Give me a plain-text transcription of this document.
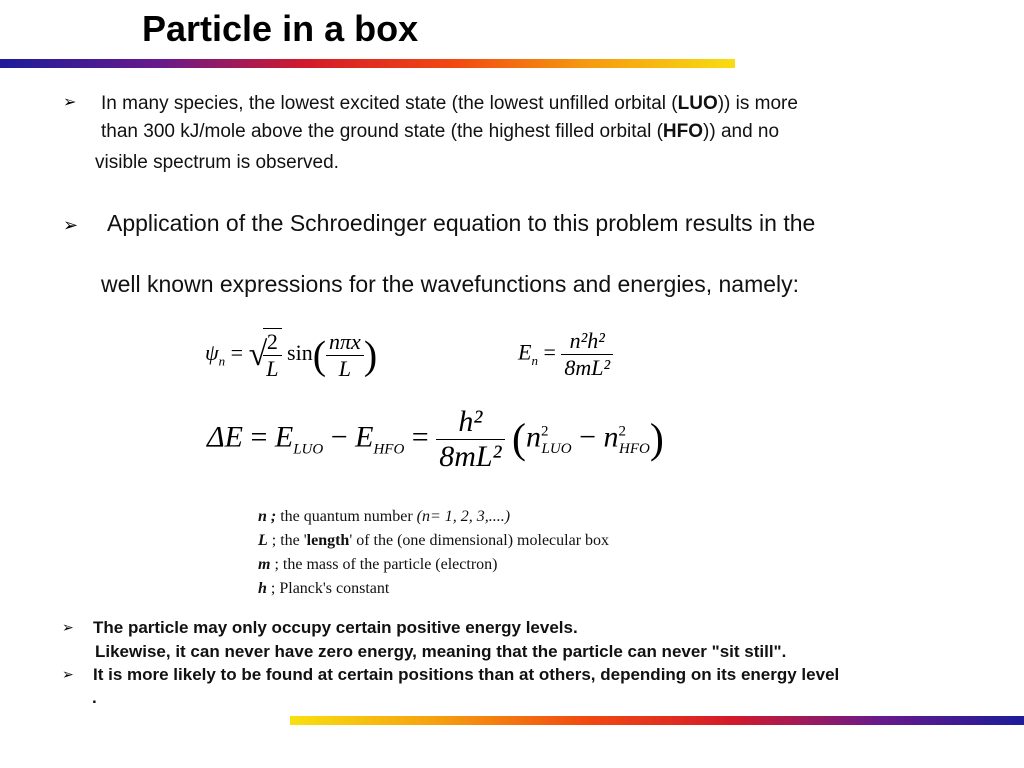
Particle in a box
➢ In many species, the lowest excited state (the lowest unfilled orbital (LUO)) is more
than 300 kJ/mole above the ground state (the highest filled orbital (HFO)) and no
visible spectrum is observed.
➢ Application of the Schroedinger equation to this problem results in the
well known expressions for the wavefunctions and energies, namely:
$\psi_n$ = √
$\frac{2}{L} \sin( \frac{\text{nπx}}{L}$ )	$E_n = \frac{\text{n²h²}}{\text{8mL²}}$
$\Delta E = E_{LUO} - E_{HFO} = \frac{\text{h²}}{\text{8mL²}} (n^2_{LUO} - n^2_{HFO})$
n ; the quantum number (n= 1, 2, 3,....)
L ; the 'length' of the (one dimensional) molecular box
m ; the mass of the particle (electron)
h ; Planck's constant
➢ The particle may only occupy certain positive energy levels.
Likewise, it can never have zero energy, meaning that the particle can never "sit still".
➢ It is more likely to be found at certain positions than at others, depending on its energy level
.
